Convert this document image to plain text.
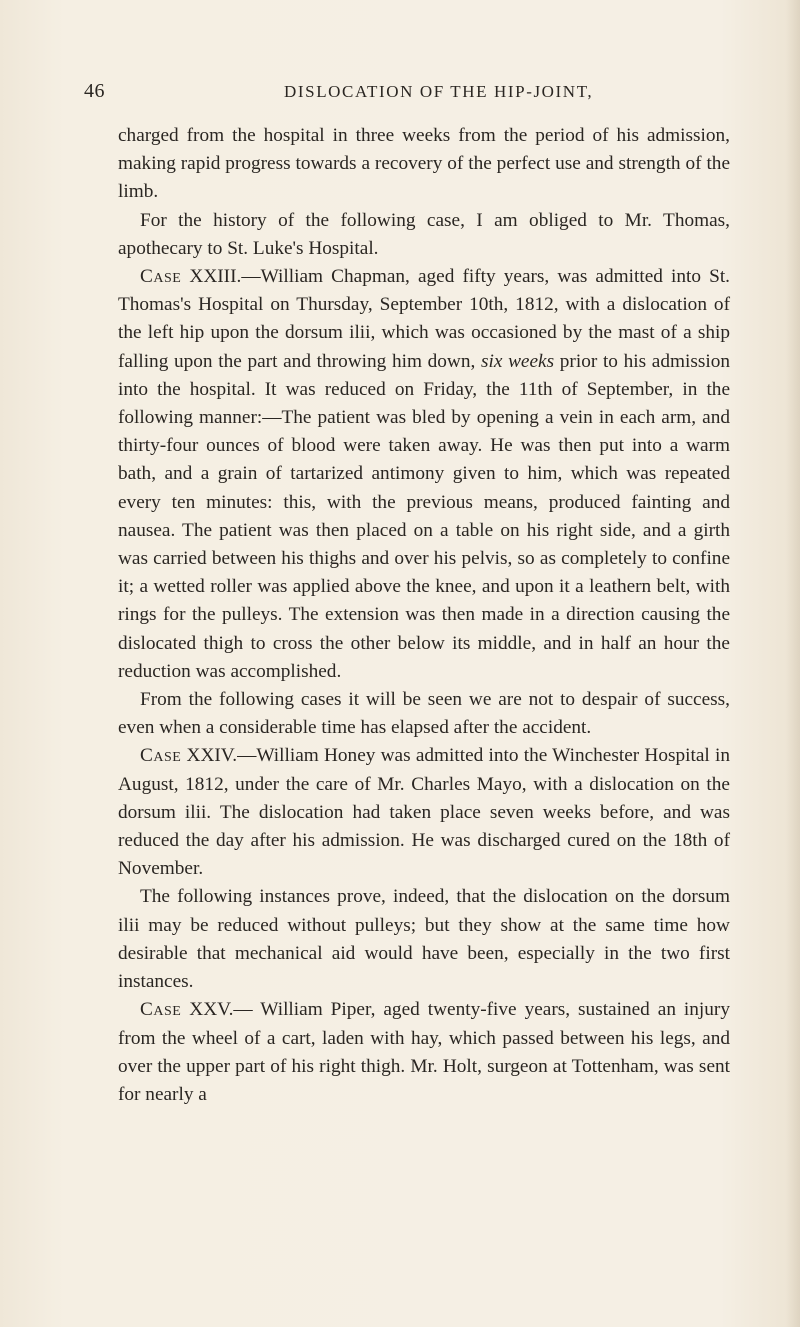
46	DISLOCATION OF THE HIP-JOINT,

charged from the hospital in three weeks from the period of his admission, making rapid progress towards a recovery of the perfect use and strength of the limb.

For the history of the following case, I am obliged to Mr. Thomas, apothecary to St. Luke's Hospital.

Case XXIII.—William Chapman, aged fifty years, was admitted into St. Thomas's Hospital on Thursday, September 10th, 1812, with a dislocation of the left hip upon the dorsum ilii, which was occasioned by the mast of a ship falling upon the part and throwing him down, six weeks prior to his admission into the hospital. It was reduced on Friday, the 11th of September, in the following manner:—The patient was bled by opening a vein in each arm, and thirty-four ounces of blood were taken away. He was then put into a warm bath, and a grain of tartarized antimony given to him, which was repeated every ten minutes: this, with the previous means, produced fainting and nausea. The patient was then placed on a table on his right side, and a girth was carried between his thighs and over his pelvis, so as completely to confine it; a wetted roller was applied above the knee, and upon it a leathern belt, with rings for the pulleys. The extension was then made in a direction causing the dislocated thigh to cross the other below its middle, and in half an hour the reduction was accomplished.

From the following cases it will be seen we are not to despair of success, even when a considerable time has elapsed after the accident.

Case XXIV.—William Honey was admitted into the Winchester Hospital in August, 1812, under the care of Mr. Charles Mayo, with a dislocation on the dorsum ilii. The dislocation had taken place seven weeks before, and was reduced the day after his admission. He was discharged cured on the 18th of November.

The following instances prove, indeed, that the dislocation on the dorsum ilii may be reduced without pulleys; but they show at the same time how desirable that mechanical aid would have been, especially in the two first instances.

Case XXV.— William Piper, aged twenty-five years, sustained an injury from the wheel of a cart, laden with hay, which passed between his legs, and over the upper part of his right thigh. Mr. Holt, surgeon at Tottenham, was sent for nearly a
